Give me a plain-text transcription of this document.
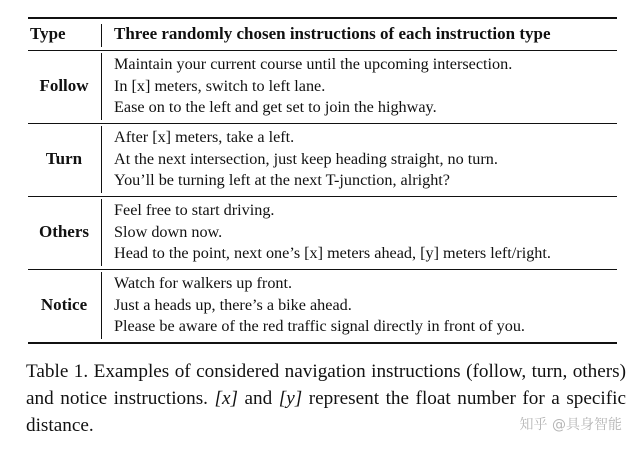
Type	Three randomly chosen instructions of each instruction type
Follow
Maintain your current course until the upcoming intersection.
In [x] meters, switch to left lane.
Ease on to the left and get set to join the highway.
Turn
After [x] meters, take a left.
At the next intersection, just keep heading straight, no turn.
You’ll be turning left at the next T-junction, alright?
Others
Feel free to start driving.
Slow down now.
Head to the point, next one’s [x] meters ahead, [y] meters left/right.
Notice
Watch for walkers up front.
Just a heads up, there’s a bike ahead.
Please be aware of the red traffic signal directly in front of you.
Table 1. Examples of considered navigation instructions (follow, turn, others) and notice instructions. [x] and [y] represent the float number for a specific distance.	知乎 @具身智能
